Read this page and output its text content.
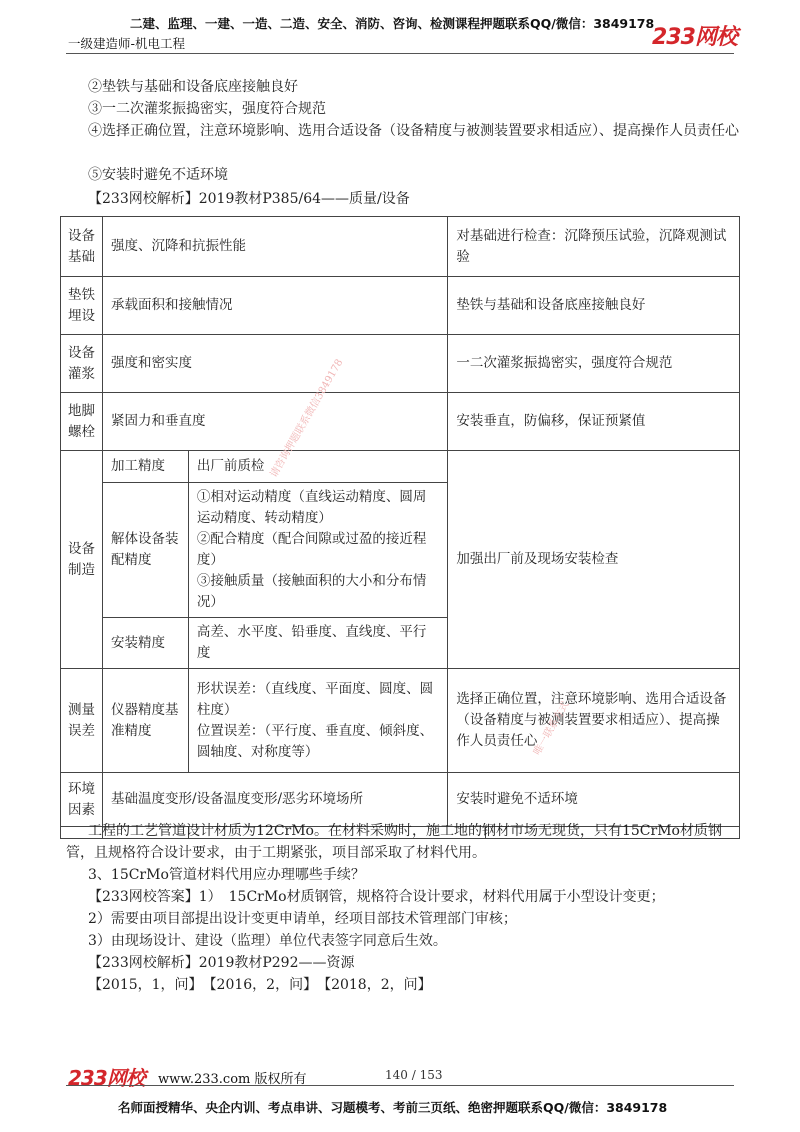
二建、监理、一建、一造、二造、安全、消防、咨询、检测课程押题联系QQ/微信：3849178
一级建造师-机电工程	233网校
②垫铁与基础和设备底座接触良好
③一二次灌浆振捣密实，强度符合规范
④选择正确位置，注意环境影响、选用合适设备（设备精度与被测装置要求相适应）、提高操作人员责任心
⑤安装时避免不适环境
【233网校解析】2019教材P385/64——质量/设备
设备基础	强度、沉降和抗振性能		对基础进行检查：沉降预压试验，沉降观测试验	
垫铁埋设	承载面积和接触情况		垫铁与基础和设备底座接触良好	
设备灌浆	强度和密实度		一二次灌浆振捣密实，强度符合规范	
地脚螺栓	紧固力和垂直度		安装垂直，防偏移，保证预紧值	
设备制造	加工精度	出厂前质检	加强出厂前及现场安装检查	
	解体设备装配精度	①相对运动精度（直线运动精度、圆周运动精度、转动精度）
②配合精度（配合间隙或过盈的接近程度）
③接触质量（接触面积的大小和分布情况）		

	安装精度	高差、水平度、铅垂度、直线度、平行度		
测量误差	仪器精度基准精度	形状误差：（直线度、平面度、圆度、圆柱度）
位置误差：（平行度、垂直度、倾斜度、圆轴度、对称度等）	选择正确位置，注意环境影响、选用合适设备（设备精度与被测装置要求相适应）、提高操作人员责任心	
环境因素	基础温度变形/设备温度变形/恶劣环境场所		安装时避免不适环境	

工程的工艺管道设计材质为12CrMo。在材料采购时，施工地的钢材市场无现货，只有15CrMo材质钢管，且规格符合设计要求，由于工期紧张，项目部采取了材料代用。
3、15CrMo管道材料代用应办理哪些手续？
【233网校答案】1）　15CrMo材质钢管，规格符合设计要求，材料代用属于小型设计变更；
2）需要由项目部提出设计变更申请单，经项目部技术管理部门审核；
3）由现场设计、建设（监理）单位代表签字同意后生效。
【233网校解析】2019教材P292——资源
【2015，1，问】　【2016，2，问】　【2018，2，问】
请咨询押题联系微信3849178
唯一联系方式
233网校 www.233.com 版权所有	140 / 153
名师面授精华、央企内训、考点串讲、习题模考、考前三页纸、绝密押题联系QQ/微信：3849178
